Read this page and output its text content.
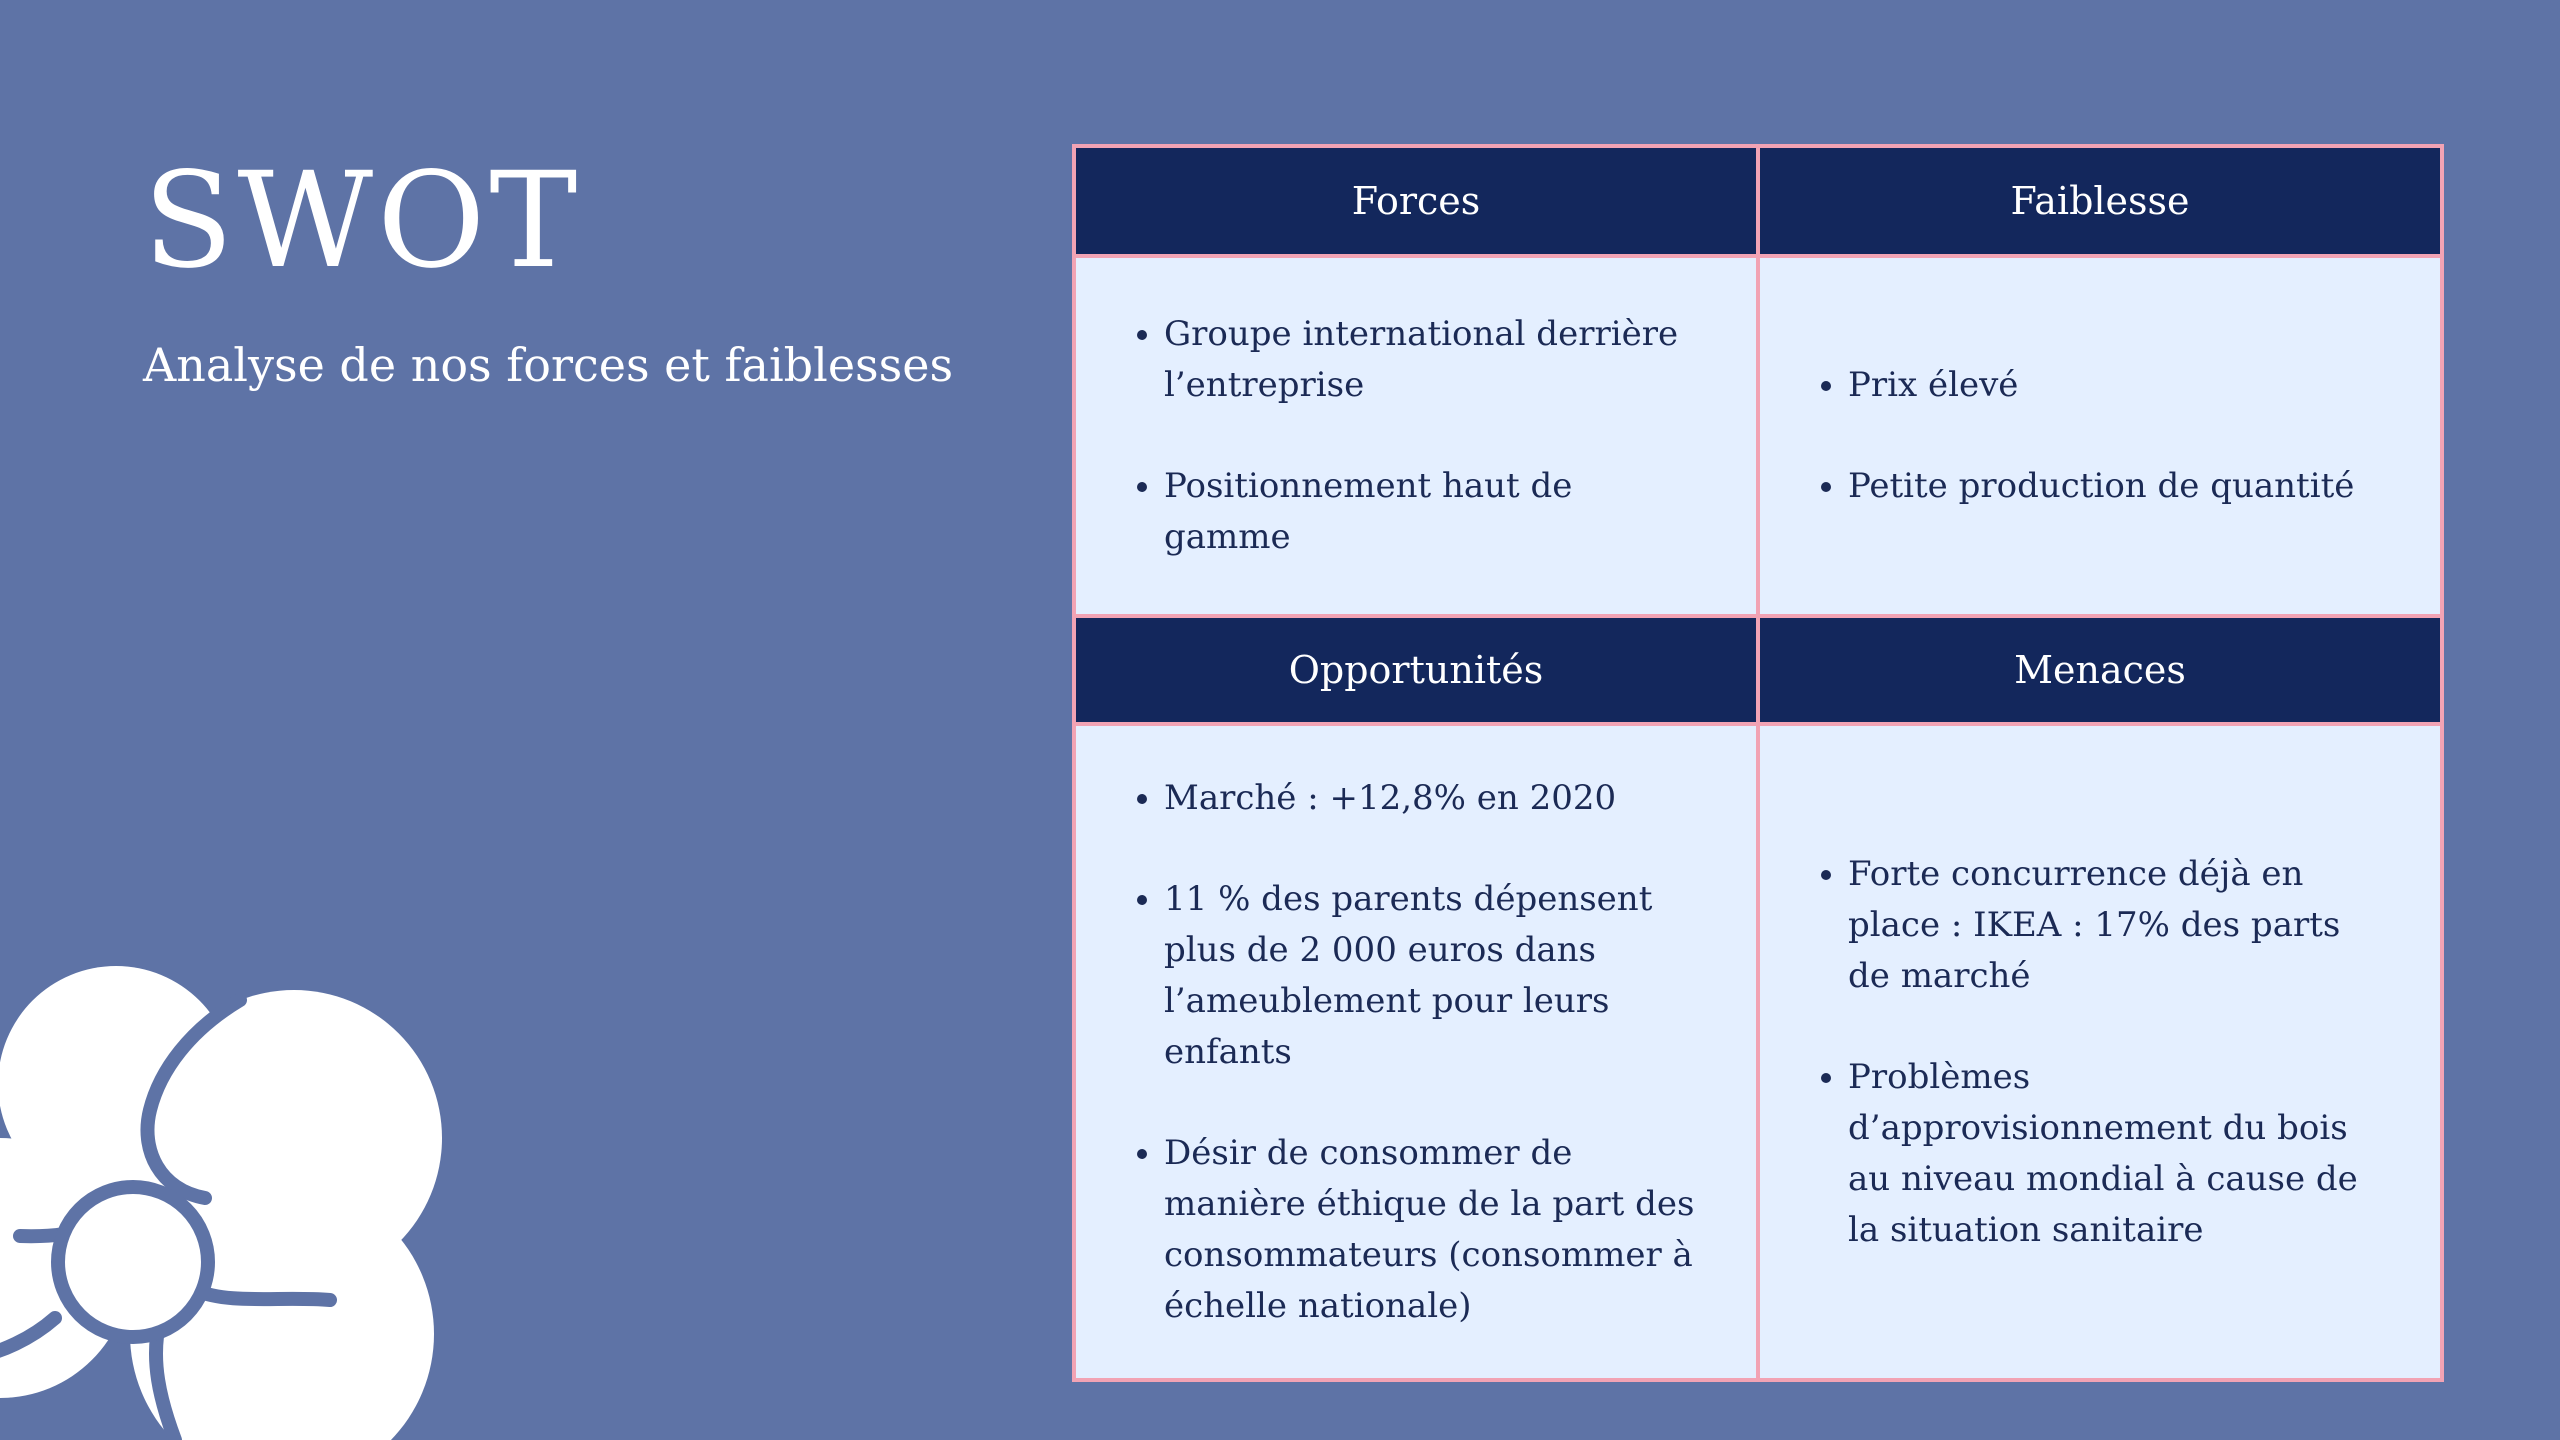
SWOT

Analyse de nos forces et faiblesses

Forces	Faiblesse
• Groupe international derrière l’entreprise
• Positionnement haut de gamme
• Prix élevé
• Petite production de quantité
Opportunités	Menaces
• Marché : +12,8% en 2020
• 11 % des parents dépensent plus de 2 000 euros dans l’ameublement pour leurs enfants
• Désir de consommer de manière éthique de la part des consommateurs (consommer à échelle nationale)
• Forte concurrence déjà en place : IKEA : 17% des parts de marché
• Problèmes d’approvisionnement du bois au niveau mondial à cause de la situation sanitaire
